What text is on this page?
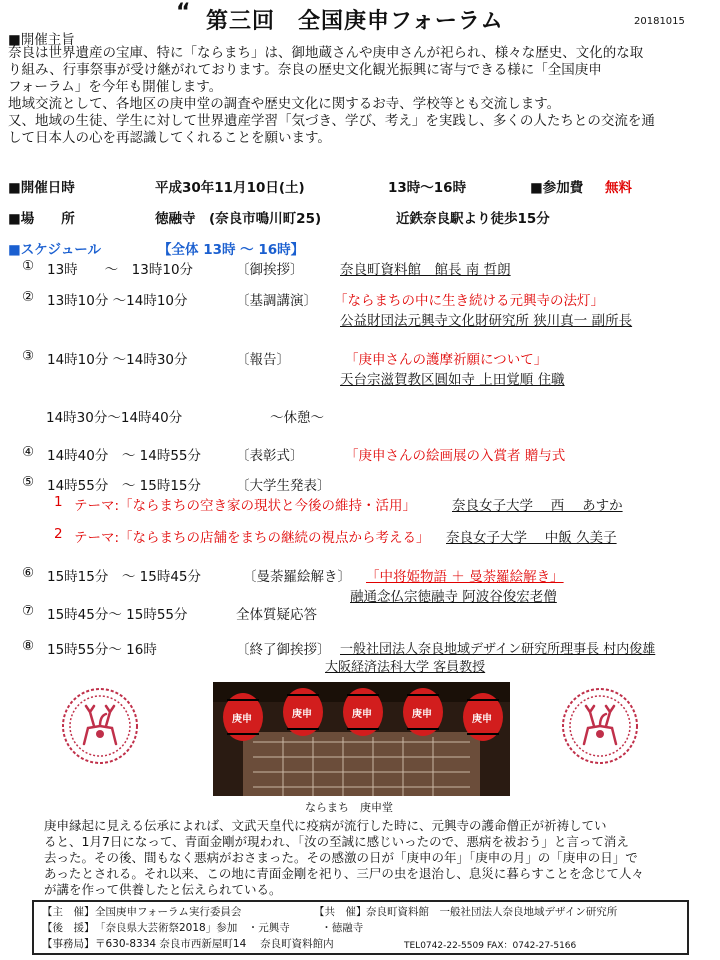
“ 第三回　全国庚申フォーラム	20181015
■開催主旨
奈良は世界遺産の宝庫、特に「ならまち」は、御地蔵さんや庚申さんが祀られ、様々な歴史、文化的な取
り組み、行事祭事が受け継がれております。奈良の歴史文化観光振興に寄与できる様に「全国庚申
フォーラム」を今年も開催します。
地域交流として、各地区の庚申堂の調査や歴史文化に関するお寺、学校等とも交流します。
又、地域の生徒、学生に対して世界遺産学習「気づき、学び、考え」を実践し、多くの人たちとの交流を通
して日本人の心を再認識してくれることを願います。
■開催日時	平成30年11月10日(土)	13時～16時	■参加費 無料
■場　　所	徳融寺　(奈良市鳴川町25)	近鉄奈良駅より徒歩15分
■スケジュール	【全体 13時 ～ 16時】
① 13時　　～　13時10分	〔御挨拶〕	奈良町資料館　館長 南 哲朗
② 13時10分 ～14時10分	〔基調講演〕 「ならまちの中に生き続ける元興寺の法灯」
公益財団法元興寺文化財研究所 狭川真一 副所長
③ 14時10分 ～14時30分	〔報告〕	「庚申さんの護摩祈願について」
天台宗滋賀教区圓如寺 上田覚順 住職
14時30分～14時40分	～休憩～
④ 14時40分　～ 14時55分	〔表彰式〕	「庚申さんの絵画展の入賞者 贈与式
⑤ 14時55分　～ 15時15分	〔大学生発表〕
1 テーマ:「ならまちの空き家の現状と今後の維持・活用」	奈良女子大学　 西　 あすか
2 テーマ:「ならまちの店舗をまちの継続の視点から考える」 奈良女子大学　 中飯 久美子
⑥ 15時15分　～ 15時45分	〔曼荼羅絵解き〕 「中将姫物語 ＋ 曼荼羅絵解き」
融通念仏宗徳融寺 阿波谷俊宏老僧
⑦ 15時45分～ 15時55分	全体質疑応答
⑧ 15時55分～ 16時	〔終了御挨拶〕 一般社団法人奈良地域デザイン研究所理事長 村内俊雄
大阪経済法科大学 客員教授
庚申	庚申	庚申	庚申	庚申
ならまち　庚申堂
庚申縁起に見える伝承によれば、文武天皇代に疫病が流行した時に、元興寺の護命僧正が祈祷してい
ると、1月7日になって、青面金剛が現われ、「汝の至誠に感じいったので、悪病を祓おう」と言って消え
去った。その後、間もなく悪病がおさまった。その感激の日が「庚申の年」「庚申の月」の「庚申の日」で
あったとされる。それ以来、この地に青面金剛を祀り、三尸の虫を退治し、息災に暮らすことを念じて人々
が講を作って供養したと伝えられている。
【主　催】 全国庚申フォーラム実行委員会	【共　催】 奈良町資料館　一般社団法人奈良地域デザイン研究所
【後　援】 「奈良県大芸術祭2018」参加　・元興寺　　　・徳融寺
【事務局】 〒630-8334 奈良市西新屋町14　 奈良町資料館内	TEL0742-22-5509 FAX：0742-27-5166
